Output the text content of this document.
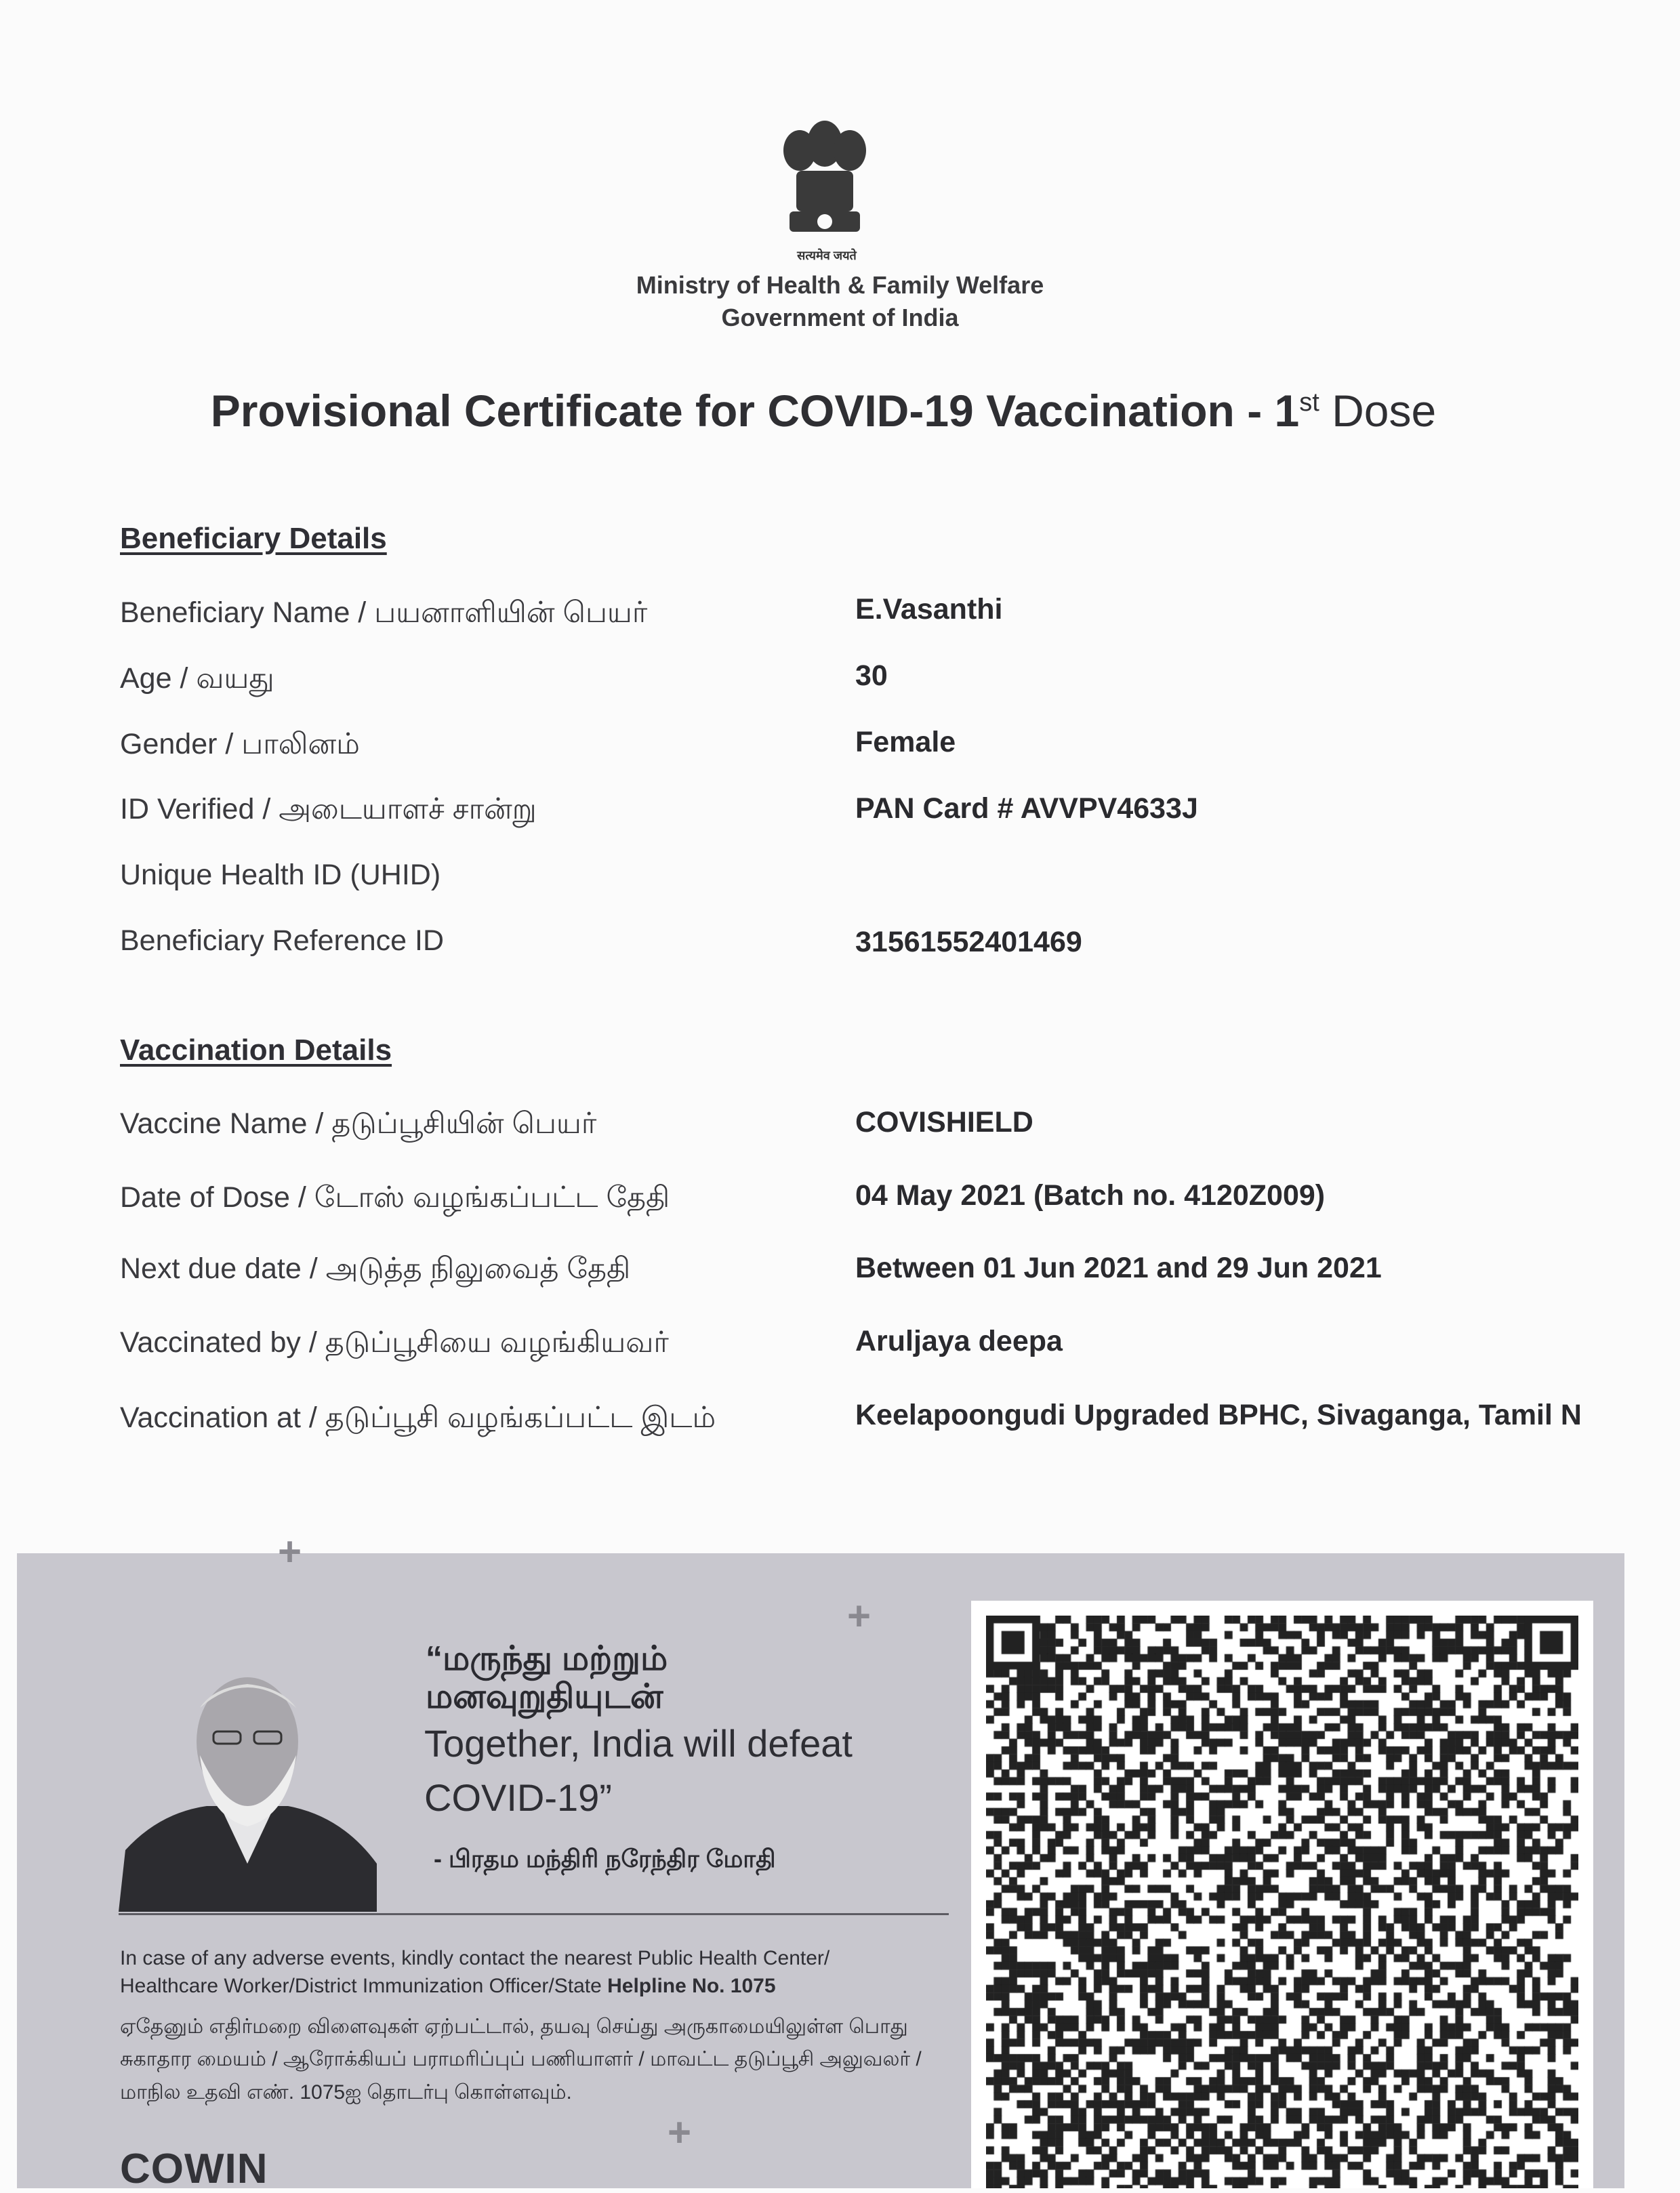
सत्यमेव जयते
Ministry of Health & Family Welfare
Government of India
Provisional Certificate for COVID-19 Vaccination - 1st Dose
Beneficiary Details
Beneficiary Name / பயனாளியின் பெயர்	E.Vasanthi
Age / வயது	30
Gender / பாலினம்	Female
ID Verified / அடையாளச் சான்று	PAN Card # AVVPV4633J
Unique Health ID (UHID)
Beneficiary Reference ID	31561552401469
Vaccination Details
Vaccine Name / தடுப்பூசியின் பெயர்	COVISHIELD
Date of Dose / டோஸ் வழங்கப்பட்ட தேதி	04 May 2021 (Batch no. 4120Z009)
Next due date / அடுத்த நிலுவைத் தேதி	Between 01 Jun 2021 and 29 Jun 2021
Vaccinated by / தடுப்பூசியை வழங்கியவர்	Aruljaya deepa
Vaccination at / தடுப்பூசி வழங்கப்பட்ட இடம்	Keelapoongudi Upgraded BPHC, Sivaganga, Tamil N
+
+
+
“மருந்து மற்றும்
மனவுறுதியுடன்
Together, India will defeat
COVID-19”
- பிரதம மந்திரி நரேந்திர மோதி
In case of any adverse events, kindly contact the nearest Public Health Center/
Healthcare Worker/District Immunization Officer/State Helpline No. 1075
ஏதேனும் எதிர்மறை விளைவுகள் ஏற்பட்டால், தயவு செய்து அருகாமையிலுள்ள பொது
சுகாதார மையம் / ஆரோக்கியப் பராமரிப்புப் பணியாளர் / மாவட்ட தடுப்பூசி அலுவலர் /
மாநில உதவி எண். 1075ஐ தொடர்பு கொள்ளவும்.
COWIN
